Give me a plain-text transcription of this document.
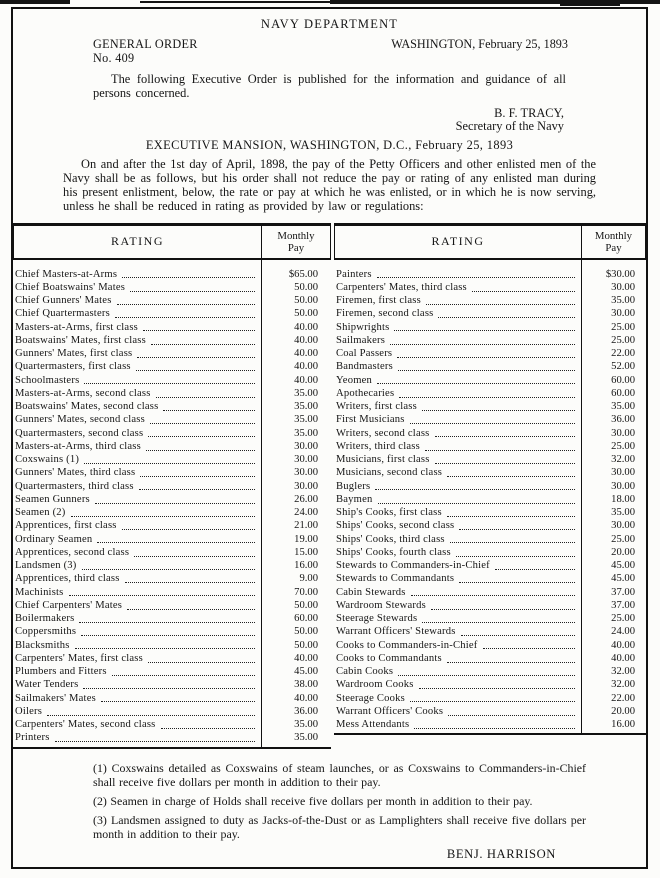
NAVY DEPARTMENT
GENERAL ORDER
No. 409
WASHINGTON, February 25, 1893
The following Executive Order is published for the information and guidance of all persons concerned.
B. F. TRACY,
Secretary of the Navy
EXECUTIVE MANSION, WASHINGTON, D.C., February 25, 1893
On and after the 1st day of April, 1898, the pay of the Petty Officers and other enlisted men of the Navy shall be as follows, but his order shall not reduce the pay or rating of any enlisted man during his present enlistment, below, the rate or pay at which he was enlisted, or in which he is now serving, unless he shall be reduced in rating as provided by law or regulations:
RATING	Monthly
Pay
Chief Masters-at-Arms	$65.00
Chief Boatswains' Mates	50.00
Chief Gunners' Mates	50.00
Chief Quartermasters	50.00
Masters-at-Arms, first class	40.00
Boatswains' Mates, first class	40.00
Gunners' Mates, first class	40.00
Quartermasters, first class	40.00
Schoolmasters	40.00
Masters-at-Arms, second class	35.00
Boatswains' Mates, second class	35.00
Gunners' Mates, second class	35.00
Quartermasters, second class	35.00
Masters-at-Arms, third class	30.00
Coxswains (1)	30.00
Gunners' Mates, third class	30.00
Quartermasters, third class	30.00
Seamen Gunners	26.00
Seamen (2)	24.00
Apprentices, first class	21.00
Ordinary Seamen	19.00
Apprentices, second class	15.00
Landsmen (3)	16.00
Apprentices, third class	9.00
Machinists	70.00
Chief Carpenters' Mates	50.00
Boilermakers	60.00
Coppersmiths	50.00
Blacksmiths	50.00
Carpenters' Mates, first class	40.00
Plumbers and Fitters	45.00
Water Tenders	38.00
Sailmakers' Mates	40.00
Oilers	36.00
Carpenters' Mates, second class	35.00
Printers	35.00
RATING	Monthly
Pay
Painters	$30.00
Carpenters' Mates, third class	30.00
Firemen, first class	35.00
Firemen, second class	30.00
Shipwrights	25.00
Sailmakers	25.00
Coal Passers	22.00
Bandmasters	52.00
Yeomen	60.00
Apothecaries	60.00
Writers, first class	35.00
First Musicians	36.00
Writers, second class	30.00
Writers, third class	25.00
Musicians, first class	32.00
Musicians, second class	30.00
Buglers	30.00
Baymen	18.00
Ship's Cooks, first class	35.00
Ships' Cooks, second class	30.00
Ships' Cooks, third class	25.00
Ships' Cooks, fourth class	20.00
Stewards to Commanders-in-Chief	45.00
Stewards to Commandants	45.00
Cabin Stewards	37.00
Wardroom Stewards	37.00
Steerage Stewards	25.00
Warrant Officers' Stewards	24.00
Cooks to Commanders-in-Chief	40.00
Cooks to Commandants	40.00
Cabin Cooks	32.00
Wardroom Cooks	32.00
Steerage Cooks	22.00
Warrant Officers' Cooks	20.00
Mess Attendants	16.00
(1) Coxswains detailed as Coxswains of steam launches, or as Coxswains to Commanders-in-Chief shall receive five dollars per month in addition to their pay.
(2) Seamen in charge of Holds shall receive five dollars per month in addition to their pay.
(3) Landsmen assigned to duty as Jacks-of-the-Dust or as Lamplighters shall receive five dollars per month in addition to their pay.
BENJ. HARRISON
